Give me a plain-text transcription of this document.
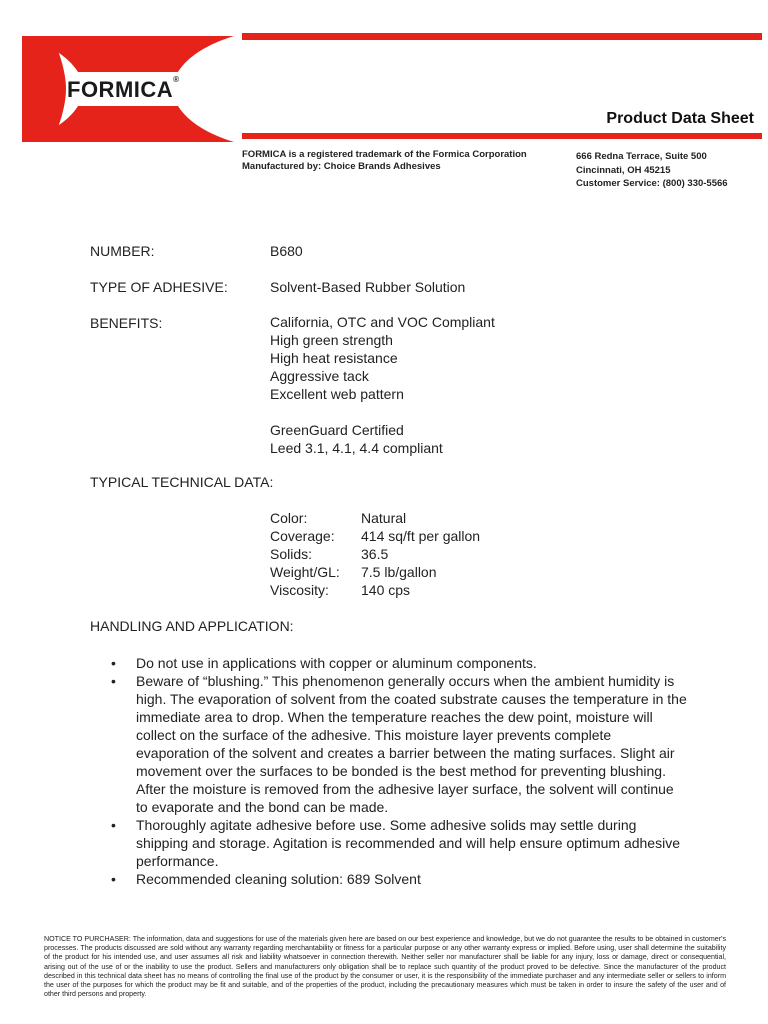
FORMICA®
Product Data Sheet
FORMICA is a registered trademark of the Formica Corporation
Manufactured by: Choice Brands Adhesives
666 Redna Terrace, Suite 500
Cincinnati, OH 45215
Customer Service: (800) 330-5566
NUMBER:	B680
TYPE OF ADHESIVE:	Solvent-Based Rubber Solution
BENEFITS:	California, OTC and VOC Compliant
High green strength
High heat resistance
Aggressive tack
Excellent web pattern
GreenGuard Certified
Leed 3.1, 4.1, 4.4 compliant
TYPICAL TECHNICAL DATA:
Color:	Natural
Coverage:	414 sq/ft per gallon
Solids:	36.5
Weight/GL:	7.5 lb/gallon
Viscosity:	140 cps
HANDLING AND APPLICATION:
• Do not use in applications with copper or aluminum components.
• Beware of “blushing.” This phenomenon generally occurs when the ambient humidity is high. The evaporation of solvent from the coated substrate causes the temperature in the immediate area to drop. When the temperature reaches the dew point, moisture will collect on the surface of the adhesive. This moisture layer prevents complete evaporation of the solvent and creates a barrier between the mating surfaces. Slight air movement over the surfaces to be bonded is the best method for preventing blushing. After the moisture is removed from the adhesive layer surface, the solvent will continue to evaporate and the bond can be made.
• Thoroughly agitate adhesive before use. Some adhesive solids may settle during shipping and storage. Agitation is recommended and will help ensure optimum adhesive performance.
• Recommended cleaning solution: 689 Solvent
NOTICE TO PURCHASER: The information, data and suggestions for use of the materials given here are based on our best experience and knowledge, but we do not guarantee the results to be obtained in customer's processes. The products discussed are sold without any warranty regarding merchantability or fitness for a particular purpose or any other warranty express or implied. Before using, user shall determine the suitability of the product for his intended use, and user assumes all risk and liability whatsoever in connection therewith. Neither seller nor manufacturer shall be liable for any injury, loss or damage, direct or consequential, arising out of the use of or the inability to use the product. Sellers and manufacturers only obligation shall be to replace such quantity of the product proved to be defective. Since the manufacturer of the product described in this technical data sheet has no means of controlling the final use of the product by the consumer or user, it is the responsibility of the immediate purchaser and any intermediate seller or sellers to inform the user of the purposes for which the product may be fit and suitable, and of the properties of the product, including the precautionary measures which must be taken in order to insure the safety of the user and of other third persons and property.
